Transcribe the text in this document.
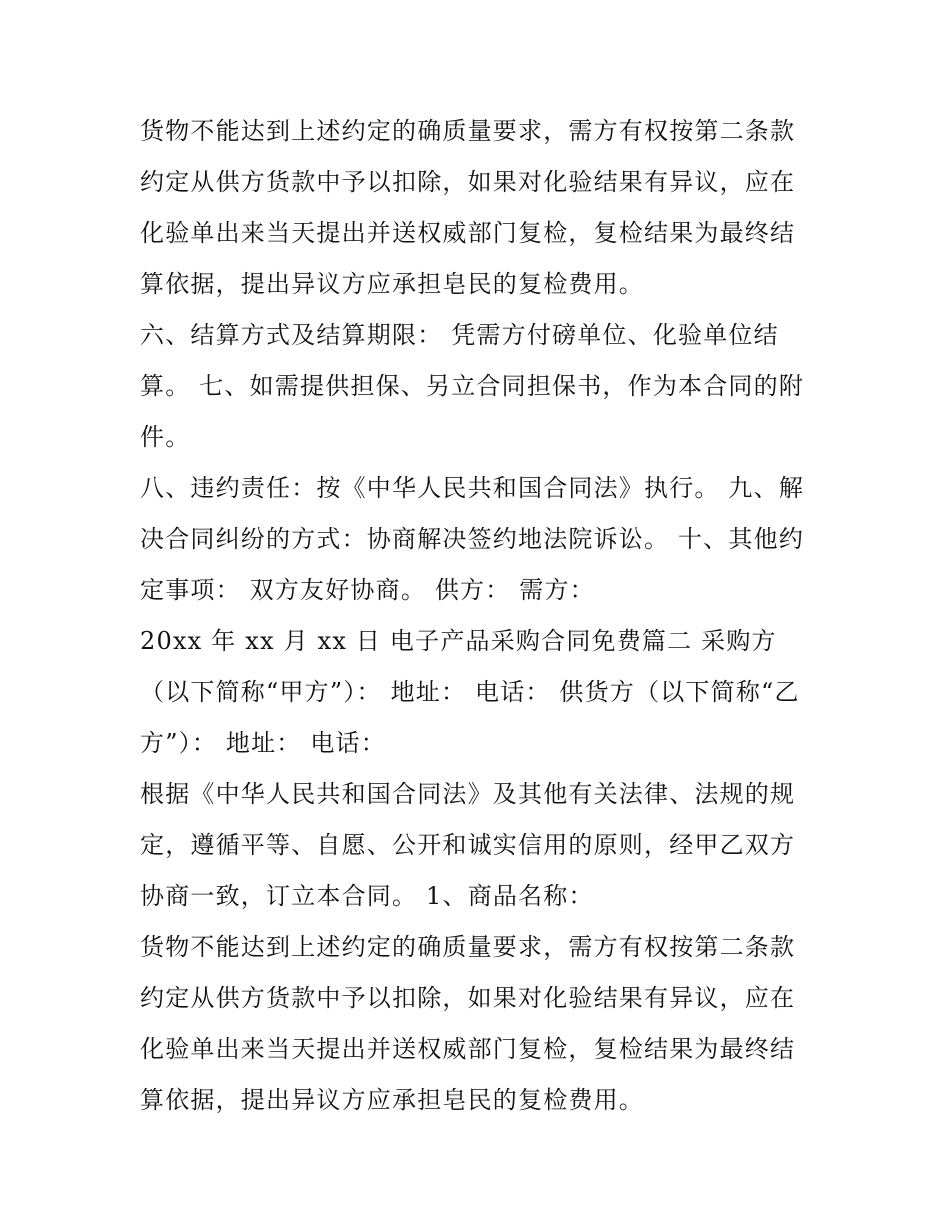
货物不能达到上述约定的确质量要求，需方有权按第二条款约定从供方货款中予以扣除，如果对化验结果有异议，应在化验单出来当天提出并送权威部门复检，复检结果为最终结算依据，提出异议方应承担皂民的复检费用。

六、结算方式及结算期限： 凭需方付磅单位、化验单位结算。 七、如需提供担保、另立合同担保书，作为本合同的附件。

八、违约责任：按《中华人民共和国合同法》执行。 九、解决合同纠纷的方式：协商解决签约地法院诉讼。 十、其他约定事项： 双方友好协商。 供方： 需方：

20xx 年 xx 月 xx 日 电子产品采购合同免费篇二 采购方（以下简称“甲方”）： 地址： 电话： 供货方（以下简称“乙方”）： 地址： 电话：

根据《中华人民共和国合同法》及其他有关法律、法规的规定，遵循平等、自愿、公开和诚实信用的原则，经甲乙双方协商一致，订立本合同。 1、商品名称：

货物不能达到上述约定的确质量要求，需方有权按第二条款约定从供方货款中予以扣除，如果对化验结果有异议，应在化验单出来当天提出并送权威部门复检，复检结果为最终结算依据，提出异议方应承担皂民的复检费用。
